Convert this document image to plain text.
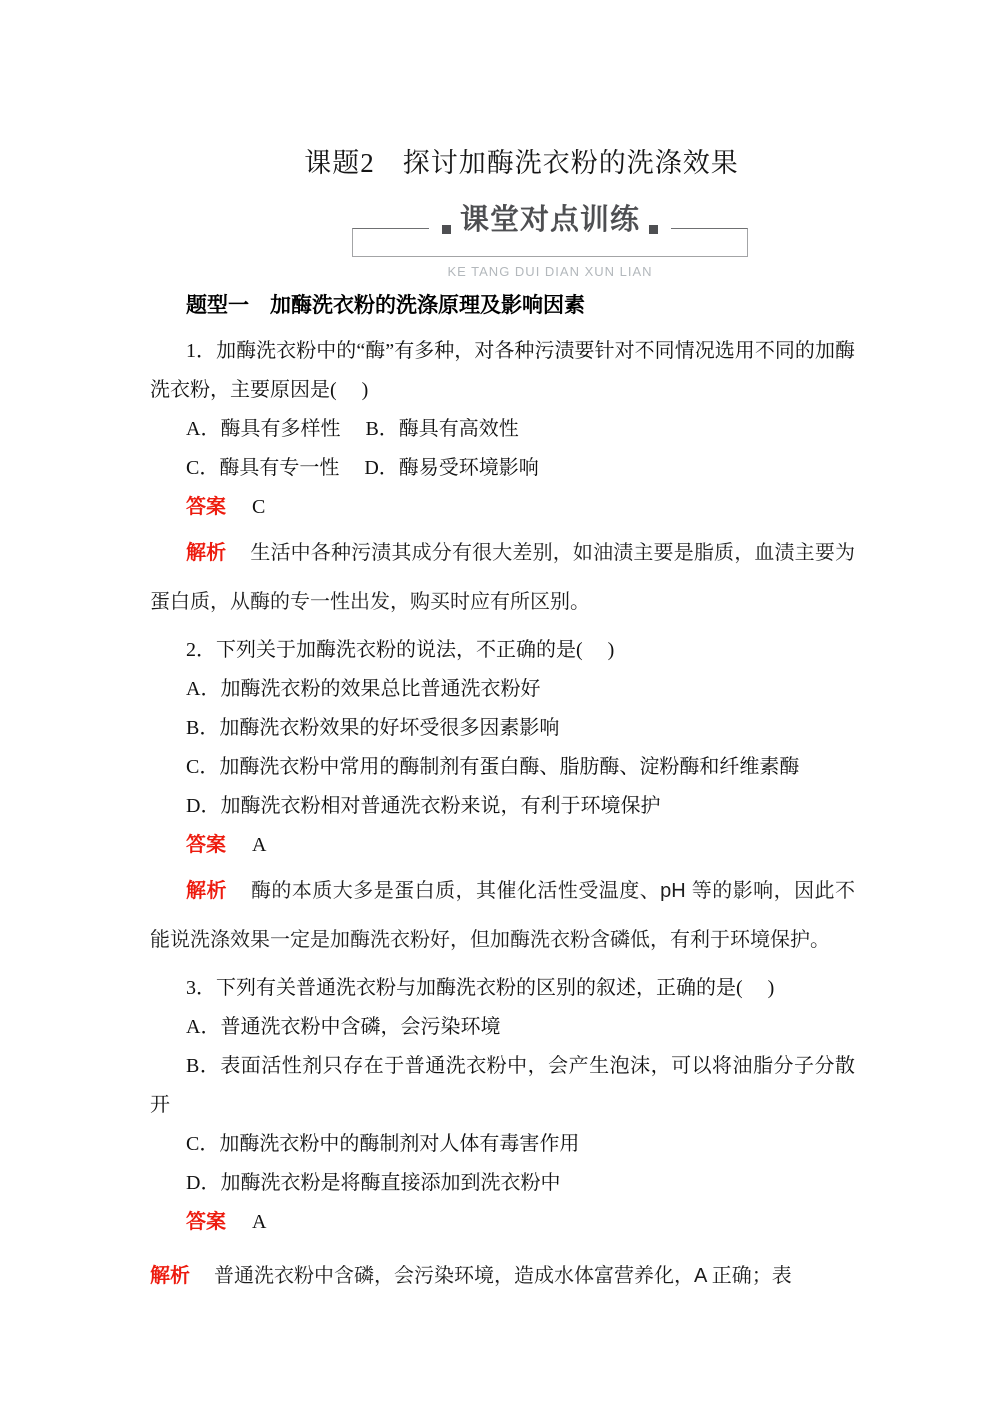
课题2　探讨加酶洗衣粉的洗涤效果
KE TANG DUI DIAN XUN LIAN
课堂对点训练
题型一　加酶洗衣粉的洗涤原理及影响因素

1．加酶洗衣粉中的“酶”有多种，对各种污渍要针对不同情况选用不同的加酶洗衣粉，主要原因是(　 )

A．酶具有多样性　 B．酶具有高效性

C．酶具有专一性　 D．酶易受环境影响

答案 C

解析 生活中各种污渍其成分有很大差别，如油渍主要是脂质，血渍主要为蛋白质，从酶的专一性出发，购买时应有所区别。

2．下列关于加酶洗衣粉的说法，不正确的是(　 )

A．加酶洗衣粉的效果总比普通洗衣粉好

B．加酶洗衣粉效果的好坏受很多因素影响

C．加酶洗衣粉中常用的酶制剂有蛋白酶、脂肪酶、淀粉酶和纤维素酶

D．加酶洗衣粉相对普通洗衣粉来说，有利于环境保护

答案 A

解析 酶的本质大多是蛋白质，其催化活性受温度、pH 等的影响，因此不能说洗涤效果一定是加酶洗衣粉好，但加酶洗衣粉含磷低，有利于环境保护。

3．下列有关普通洗衣粉与加酶洗衣粉的区别的叙述，正确的是(　 )

A．普通洗衣粉中含磷，会污染环境

B．表面活性剂只存在于普通洗衣粉中，会产生泡沫，可以将油脂分子分散开

C．加酶洗衣粉中的酶制剂对人体有毒害作用

D．加酶洗衣粉是将酶直接添加到洗衣粉中

答案 A

解析 普通洗衣粉中含磷，会污染环境，造成水体富营养化，A 正确；表
